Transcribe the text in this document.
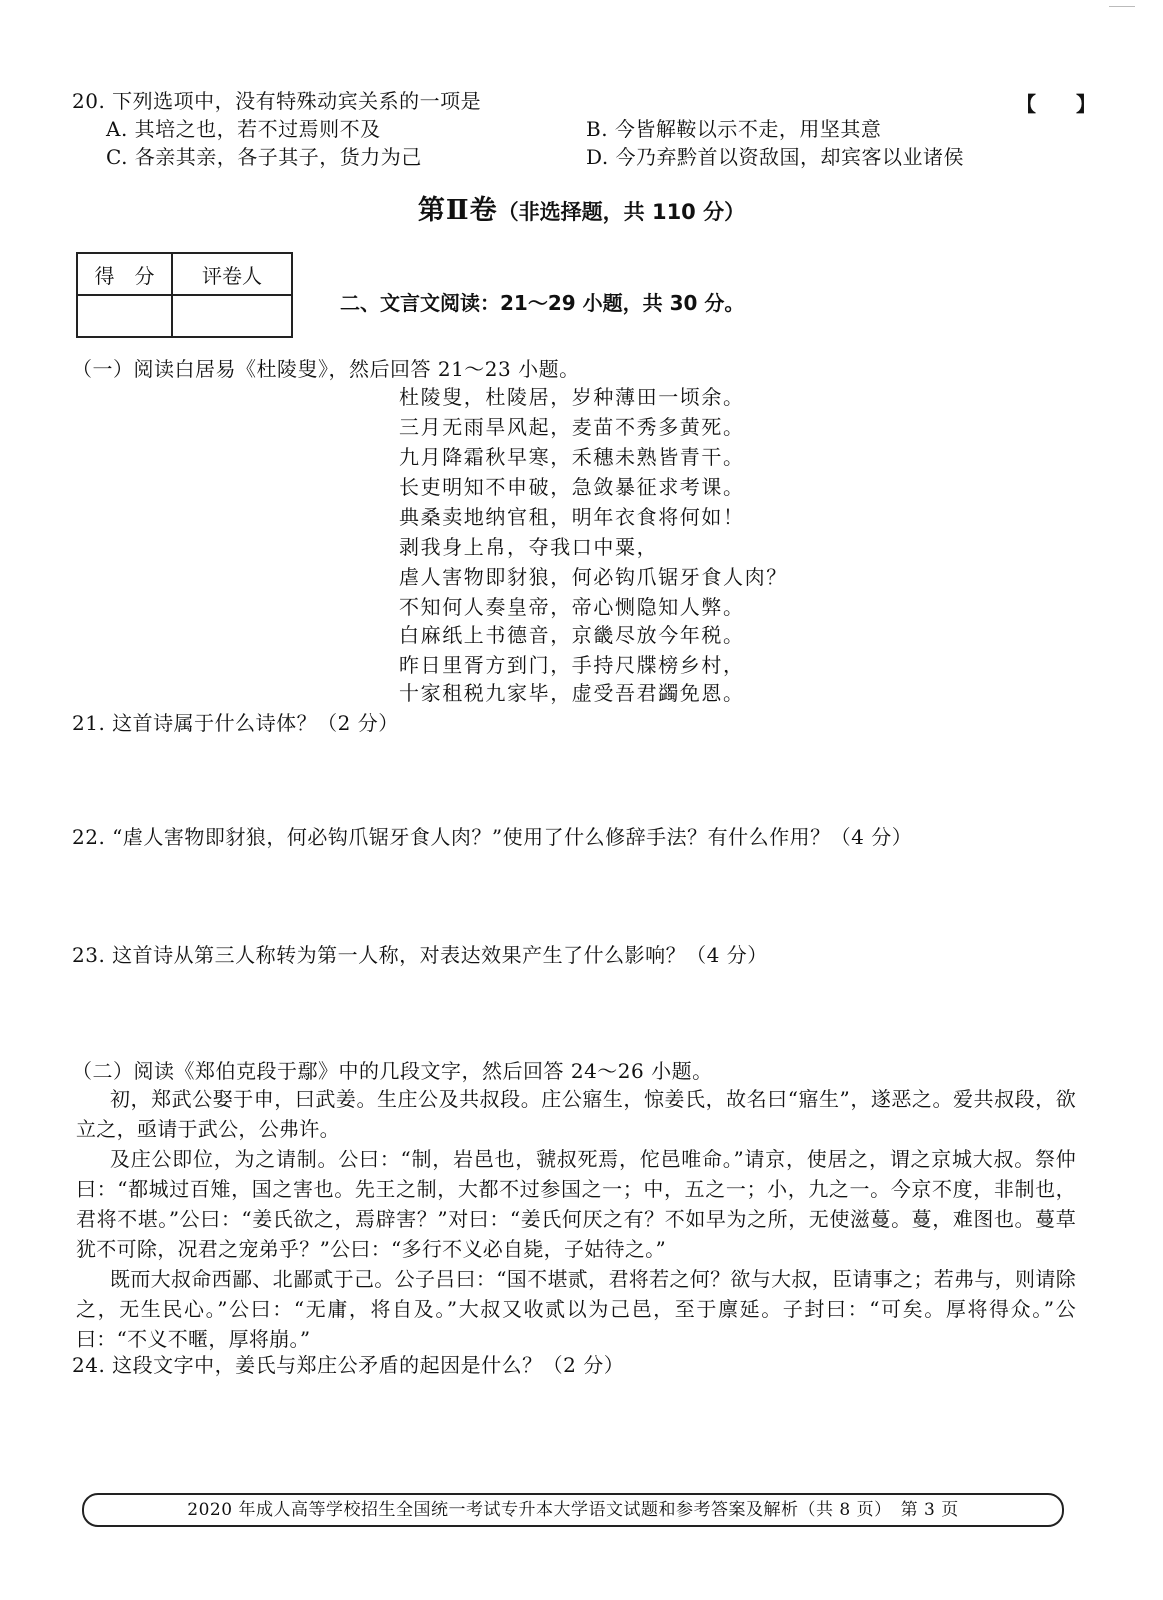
20. 下列选项中，没有特殊动宾关系的一项是	【　　】
A. 其培之也，若不过焉则不及	B. 今皆解鞍以示不走，用坚其意
C. 各亲其亲，各子其子，货力为己	D. 今乃弃黔首以资敌国，却宾客以业诸侯
第Ⅱ卷（非选择题，共 110 分）
得　分	评卷人

二、文言文阅读：21～29 小题，共 30 分。
（一）阅读白居易《杜陵叟》，然后回答 21～23 小题。
杜陵叟，杜陵居，岁种薄田一顷余。
三月无雨旱风起，麦苗不秀多黄死。
九月降霜秋早寒，禾穗未熟皆青干。
长吏明知不申破，急敛暴征求考课。
典桑卖地纳官租，明年衣食将何如！
剥我身上帛，夺我口中粟，
虐人害物即豺狼，何必钩爪锯牙食人肉？
不知何人奏皇帝，帝心恻隐知人弊。
白麻纸上书德音，京畿尽放今年税。
昨日里胥方到门，手持尺牒榜乡村，
十家租税九家毕，虚受吾君蠲免恩。
21. 这首诗属于什么诗体？（2 分）
22. “虐人害物即豺狼，何必钩爪锯牙食人肉？”使用了什么修辞手法？有什么作用？（4 分）
23. 这首诗从第三人称转为第一人称，对表达效果产生了什么影响？（4 分）
（二）阅读《郑伯克段于鄢》中的几段文字，然后回答 24～26 小题。
初，郑武公娶于申，曰武姜。生庄公及共叔段。庄公寤生，惊姜氏，故名曰“寤生”，遂恶之。爱共叔段，欲立之，亟请于武公，公弗许。
及庄公即位，为之请制。公曰：“制，岩邑也，虢叔死焉，佗邑唯命。”请京，使居之，谓之京城大叔。祭仲曰：“都城过百雉，国之害也。先王之制，大都不过参国之一；中，五之一；小，九之一。今京不度，非制也，君将不堪。”公曰：“姜氏欲之，焉辟害？”对曰：“姜氏何厌之有？不如早为之所，无使滋蔓。蔓，难图也。蔓草犹不可除，况君之宠弟乎？”公曰：“多行不义必自毙，子姑待之。”
既而大叔命西鄙、北鄙贰于己。公子吕曰：“国不堪贰，君将若之何？欲与大叔，臣请事之；若弗与，则请除之，无生民心。”公曰：“无庸，将自及。”大叔又收贰以为己邑，至于廪延。子封曰：“可矣。厚将得众。”公曰：“不义不暱，厚将崩。”
24. 这段文字中，姜氏与郑庄公矛盾的起因是什么？（2 分）
2020 年成人高等学校招生全国统一考试专升本大学语文试题和参考答案及解析（共 8 页）　第 3 页
